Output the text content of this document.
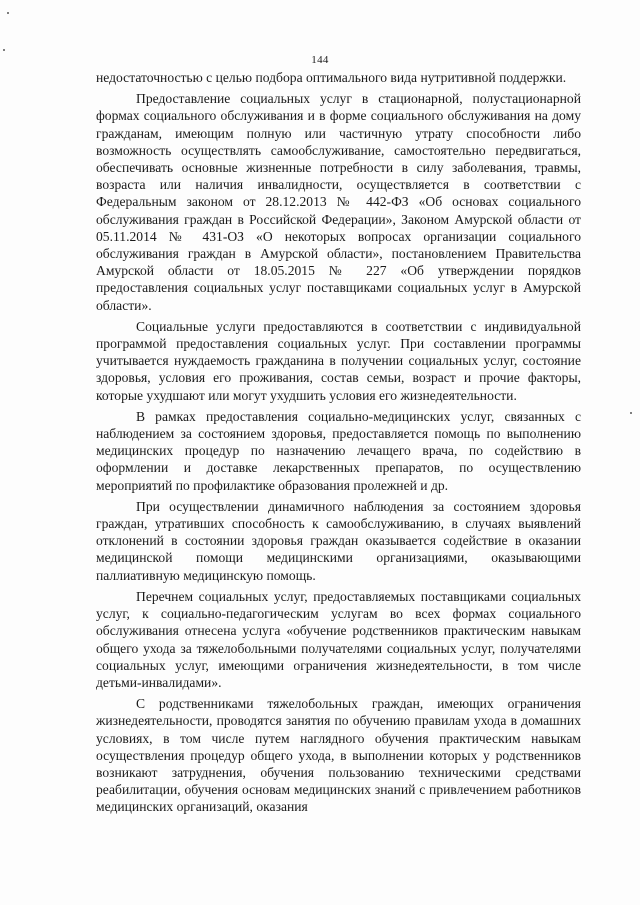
144

недостаточностью с целью подбора оптимального вида нутритивной поддержки.

Предоставление социальных услуг в стационарной, полустационарной формах социального обслуживания и в форме социального обслуживания на дому гражданам, имеющим полную или частичную утрату способности либо возможность осуществлять самообслуживание, самостоятельно передвигаться, обеспечивать основные жизненные потребности в силу заболевания, травмы, возраста или наличия инвалидности, осуществляется в соответствии с Федеральным законом от 28.12.2013 № 442-ФЗ «Об основах социального обслуживания граждан в Российской Федерации», Законом Амурской области от 05.11.2014 № 431-ОЗ «О некоторых вопросах организации социального обслуживания граждан в Амурской области», постановлением Правительства Амурской области от 18.05.2015 № 227 «Об утверждении порядков предоставления социальных услуг поставщиками социальных услуг в Амурской области».

Социальные услуги предоставляются в соответствии с индивидуальной программой предоставления социальных услуг. При составлении программы учитывается нуждаемость гражданина в получении социальных услуг, состояние здоровья, условия его проживания, состав семьи, возраст и прочие факторы, которые ухудшают или могут ухудшить условия его жизнедеятельности.

В рамках предоставления социально-медицинских услуг, связанных с наблюдением за состоянием здоровья, предоставляется помощь по выполнению медицинских процедур по назначению лечащего врача, по содействию в оформлении и доставке лекарственных препаратов, по осуществлению мероприятий по профилактике образования пролежней и др.

При осуществлении динамичного наблюдения за состоянием здоровья граждан, утративших способность к самообслуживанию, в случаях выявлений отклонений в состоянии здоровья граждан оказывается содействие в оказании медицинской помощи медицинскими организациями, оказывающими паллиативную медицинскую помощь.

Перечнем социальных услуг, предоставляемых поставщиками социальных услуг, к социально-педагогическим услугам во всех формах социального обслуживания отнесена услуга «обучение родственников практическим навыкам общего ухода за тяжелобольными получателями социальных услуг, получателями социальных услуг, имеющими ограничения жизнедеятельности, в том числе детьми-инвалидами».

С родственниками тяжелобольных граждан, имеющих ограничения жизнедеятельности, проводятся занятия по обучению правилам ухода в домашних условиях, в том числе путем наглядного обучения практическим навыкам осуществления процедур общего ухода, в выполнении которых у родственников возникают затруднения, обучения пользованию техническими средствами реабилитации, обучения основам медицинских знаний с привлечением работников медицинских организаций, оказания
